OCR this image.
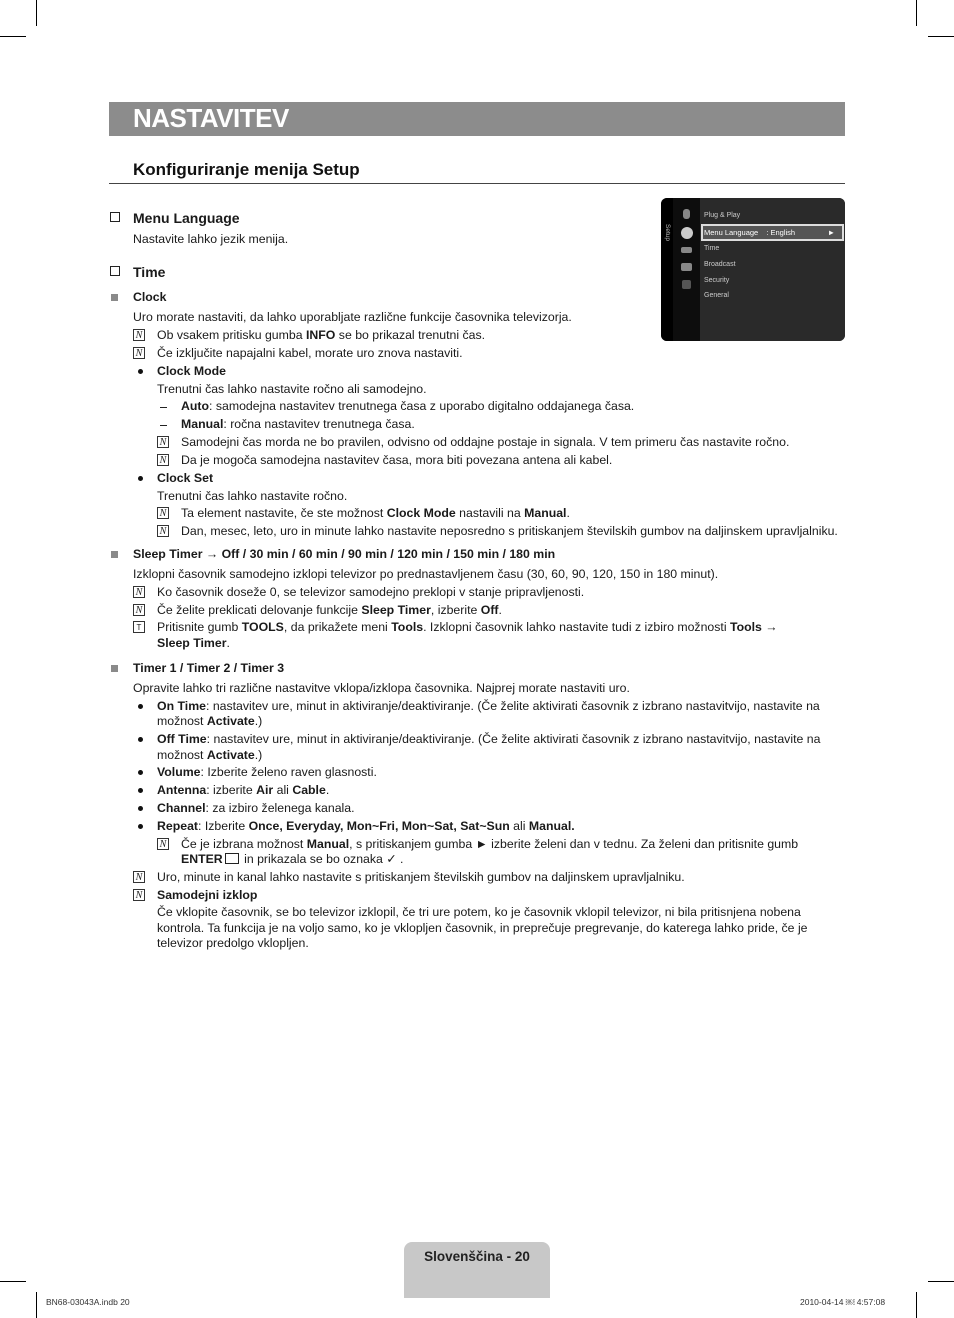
NASTAVITEV
Konfiguriranje menija Setup
Setup
Plug & Play
Menu Language : English	►
Time
Broadcast
Security
General
Menu Language
Nastavite lahko jezik menija.
Time
Clock
Uro morate nastaviti, da lahko uporabljate različne funkcije časovnika televizorja.
N Ob vsakem pritisku gumba INFO se bo prikazal trenutni čas.
N Če izključite napajalni kabel, morate uro znova nastaviti.
Clock Mode
Trenutni čas lahko nastavite ročno ali samodejno.
Auto: samodejna nastavitev trenutnega časa z uporabo digitalno oddajanega časa.
Manual: ročna nastavitev trenutnega časa.
N Samodejni čas morda ne bo pravilen, odvisno od oddajne postaje in signala. V tem primeru čas nastavite ročno.
N Da je mogoča samodejna nastavitev časa, mora biti povezana antena ali kabel.
Clock Set
Trenutni čas lahko nastavite ročno.
N Ta element nastavite, če ste možnost Clock Mode nastavili na Manual.
N Dan, mesec, leto, uro in minute lahko nastavite neposredno s pritiskanjem številskih gumbov na daljinskem upravljalniku.
Sleep Timer → Off / 30 min / 60 min / 90 min / 120 min / 150 min / 180 min
Izklopni časovnik samodejno izklopi televizor po prednastavljenem času (30, 60, 90, 120, 150 in 180 minut).
N Ko časovnik doseže 0, se televizor samodejno preklopi v stanje pripravljenosti.
N Če želite preklicati delovanje funkcije Sleep Timer, izberite Off.
T Pritisnite gumb TOOLS, da prikažete meni Tools. Izklopni časovnik lahko nastavite tudi z izbiro možnosti Tools →
Sleep Timer.
Timer 1 / Timer 2 / Timer 3
Opravite lahko tri različne nastavitve vklopa/izklopa časovnika. Najprej morate nastaviti uro.
On Time: nastavitev ure, minut in aktiviranje/deaktiviranje. (Če želite aktivirati časovnik z izbrano nastavitvijo, nastavite na
možnost Activate.)
Off Time: nastavitev ure, minut in aktiviranje/deaktiviranje. (Če želite aktivirati časovnik z izbrano nastavitvijo, nastavite na
možnost Activate.)
Volume: Izberite želeno raven glasnosti.
Antenna: izberite Air ali Cable.
Channel: za izbiro želenega kanala.
Repeat: Izberite Once, Everyday, Mon~Fri, Mon~Sat, Sat~Sun ali Manual.
N Če je izbrana možnost Manual, s pritiskanjem gumba ► izberite želeni dan v tednu. Za želeni dan pritisnite gumb
ENTER in prikazala se bo oznaka ✓ .
N Uro, minute in kanal lahko nastavite s pritiskanjem številskih gumbov na daljinskem upravljalniku.
N Samodejni izklop
Če vklopite časovnik, se bo televizor izklopil, če tri ure potem, ko je časovnik vklopil televizor, ni bila pritisnjena nobena
kontrola. Ta funkcija je na voljo samo, ko je vklopljen časovnik, in preprečuje pregrevanje, do katerega lahko pride, če je
televizor predolgo vklopljen.
Slovenščina - 20
BN68-03043A.indb 20	2010-04-14 ￼ 4:57:08
